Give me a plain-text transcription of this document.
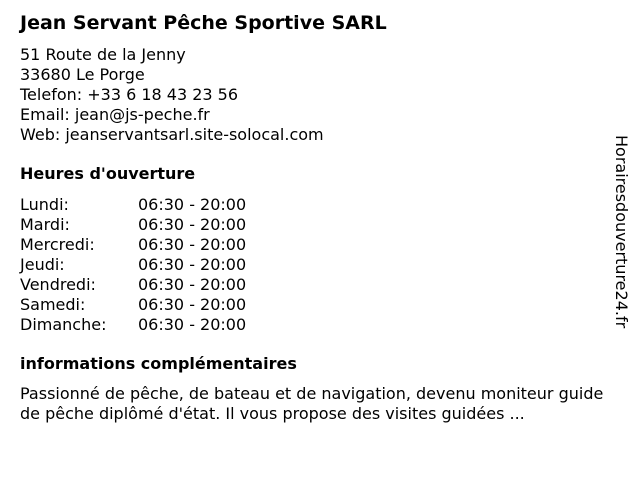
Jean Servant Pêche Sportive SARL
51 Route de la Jenny
33680 Le Porge
Telefon: +33 6 18 43 23 56
Email: jean@js-peche.fr
Web: jeanservantsarl.site-solocal.com
Heures d'ouverture
Lundi:	06:30 - 20:00
Mardi:	06:30 - 20:00
Mercredi:	06:30 - 20:00
Jeudi:	06:30 - 20:00
Vendredi:	06:30 - 20:00
Samedi:	06:30 - 20:00
Dimanche: 06:30 - 20:00
informations complémentaires
Passionné de pêche, de bateau et de navigation, devenu moniteur guide de pêche diplômé d'état. Il vous propose des visites guidées ...
Horairesdouverture24.fr
